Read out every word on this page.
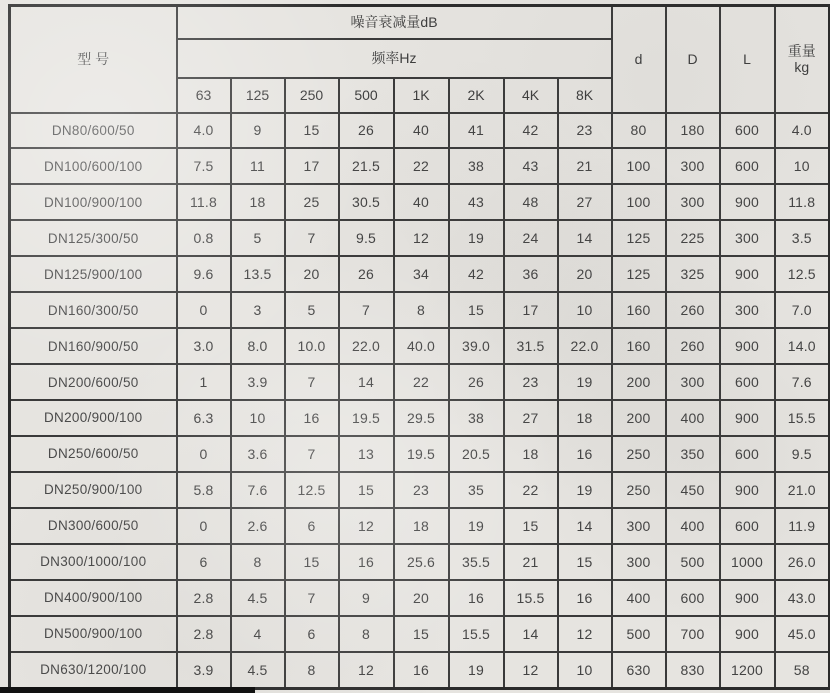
型 号	噪音衰减量dB								d	D	L	重量
kg

	频率Hz											
	63	125	250	500	1K	2K	4K	8K				
DN80/600/50	4.0	9	15	26	40	41	42	23	80	180	600	4.0
DN100/600/100	7.5	11	17	21.5	22	38	43	21	100	300	600	10
DN100/900/100	11.8	18	25	30.5	40	43	48	27	100	300	900	11.8
DN125/300/50	0.8	5	7	9.5	12	19	24	14	125	225	300	3.5
DN125/900/100	9.6	13.5	20	26	34	42	36	20	125	325	900	12.5
DN160/300/50	0	3	5	7	8	15	17	10	160	260	300	7.0
DN160/900/50	3.0	8.0	10.0	22.0	40.0	39.0	31.5	22.0	160	260	900	14.0
DN200/600/50	1	3.9	7	14	22	26	23	19	200	300	600	7.6
DN200/900/100	6.3	10	16	19.5	29.5	38	27	18	200	400	900	15.5
DN250/600/50	0	3.6	7	13	19.5	20.5	18	16	250	350	600	9.5
DN250/900/100	5.8	7.6	12.5	15	23	35	22	19	250	450	900	21.0
DN300/600/50	0	2.6	6	12	18	19	15	14	300	400	600	11.9
DN300/1000/100	6	8	15	16	25.6	35.5	21	15	300	500	1000	26.0
DN400/900/100	2.8	4.5	7	9	20	16	15.5	16	400	600	900	43.0
DN500/900/100	2.8	4	6	8	15	15.5	14	12	500	700	900	45.0
DN630/1200/100	3.9	4.5	8	12	16	19	12	10	630	830	1200	58
